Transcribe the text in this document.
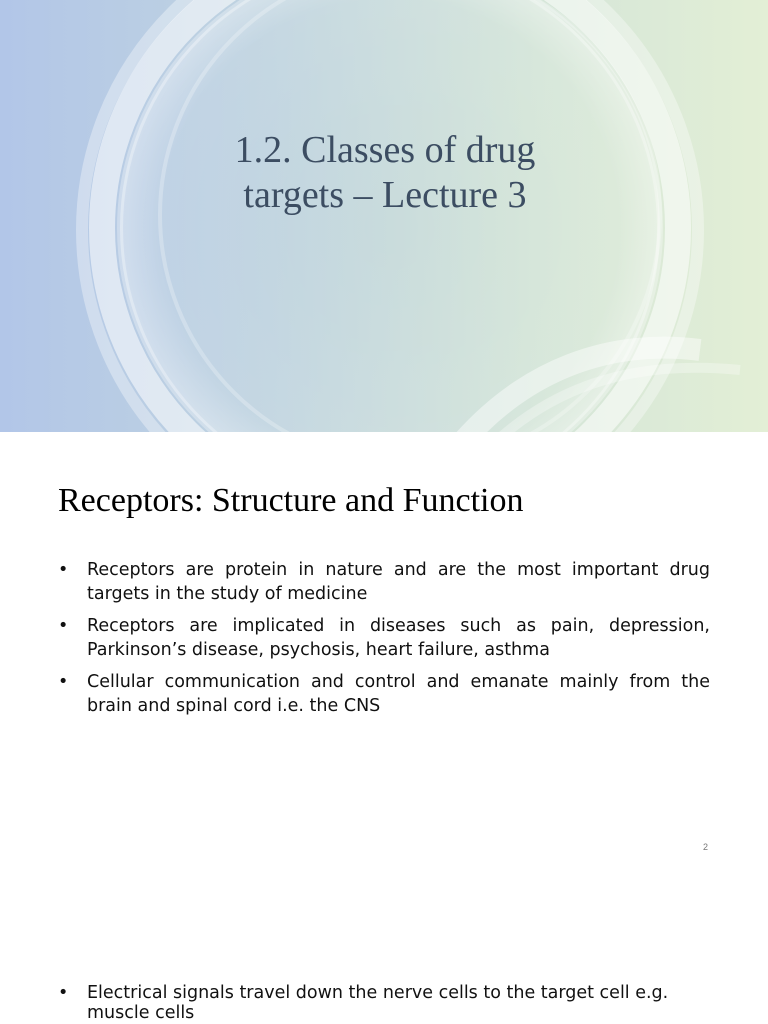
1.2. Classes of drug
targets – Lecture 3
Receptors: Structure and Function
• Receptors are protein in nature and are the most important drug targets in the study of medicine
• Receptors are implicated in diseases such as pain, depression, Parkinson’s disease, psychosis, heart failure, asthma
• Cellular communication and control and emanate mainly from the brain and spinal cord i.e. the CNS
2
• Electrical signals travel down the nerve cells to the target cell e.g. muscle cells
